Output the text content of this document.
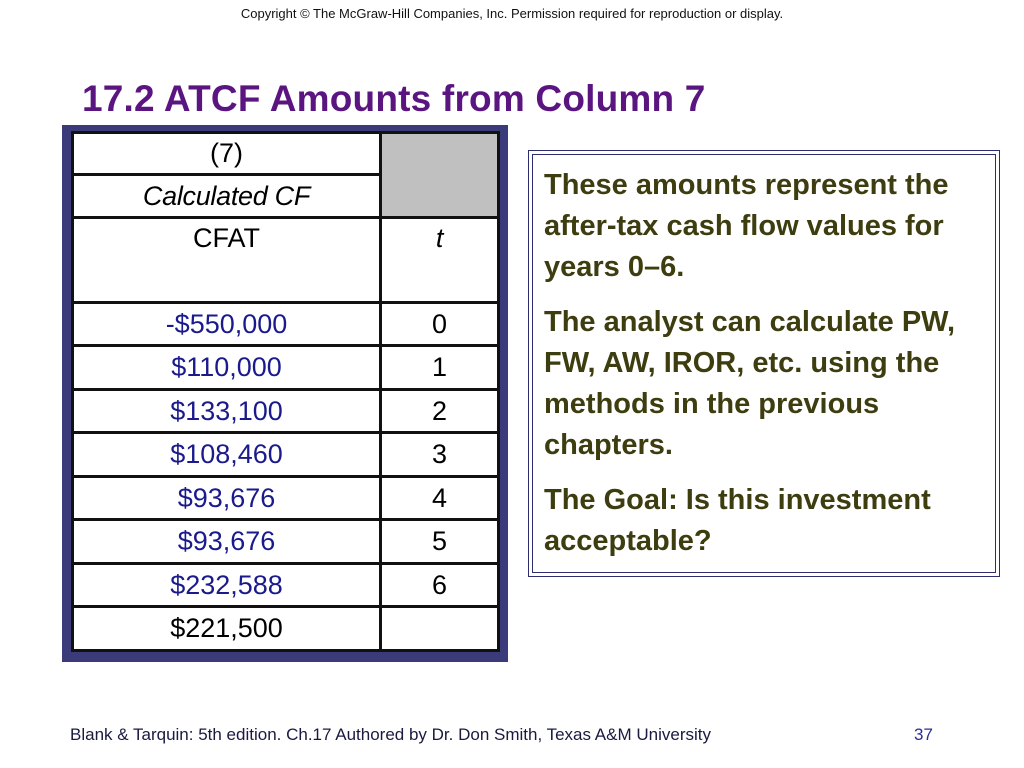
Copyright © The McGraw-Hill Companies, Inc. Permission required for reproduction or display.
17.2 ATCF Amounts from Column 7
(7)	
Calculated CF	
CFAT	t
-$550,000	0
$110,000	1
$133,100	2
$108,460	3
$93,676	4
$93,676	5
$232,588	6
$221,500	

These amounts represent the after-tax cash flow values for years 0–6.

The analyst can calculate PW, FW, AW, IROR, etc. using the methods in the previous chapters.

The Goal: Is this investment acceptable?

Blank & Tarquin: 5th edition. Ch.17 Authored by Dr. Don Smith, Texas A&M University	37
